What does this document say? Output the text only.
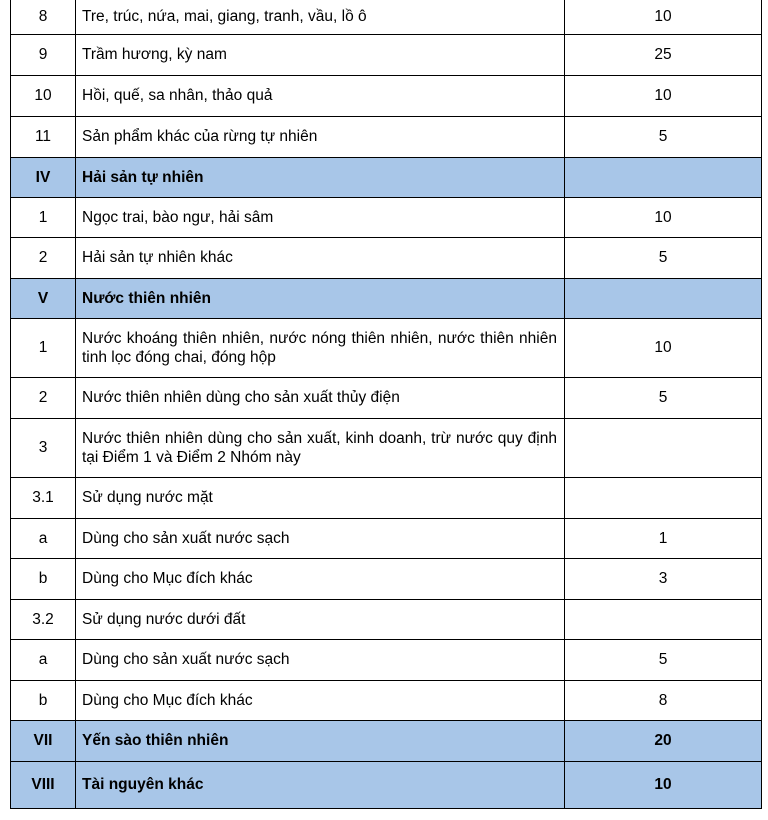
8	Tre, trúc, nứa, mai, giang, tranh, vầu, lồ ô	10
9	Trầm hương, kỳ nam	25
10	Hồi, quế, sa nhân, thảo quả	10
11	Sản phẩm khác của rừng tự nhiên	5
IV	Hải sản tự nhiên	
1	Ngọc trai, bào ngư, hải sâm	10
2	Hải sản tự nhiên khác	5
V	Nước thiên nhiên	
1	Nước khoáng thiên nhiên, nước nóng thiên nhiên, nước thiên nhiên tinh lọc đóng chai, đóng hộp	10
2	Nước thiên nhiên dùng cho sản xuất thủy điện	5
3	Nước thiên nhiên dùng cho sản xuất, kinh doanh, trừ nước quy định tại Điểm 1 và Điểm 2 Nhóm này	
3.1	Sử dụng nước mặt	
a	Dùng cho sản xuất nước sạch	1
b	Dùng cho Mục đích khác	3
3.2	Sử dụng nước dưới đất	
a	Dùng cho sản xuất nước sạch	5
b	Dùng cho Mục đích khác	8
VII	Yến sào thiên nhiên	20
VIII	Tài nguyên khác	10
